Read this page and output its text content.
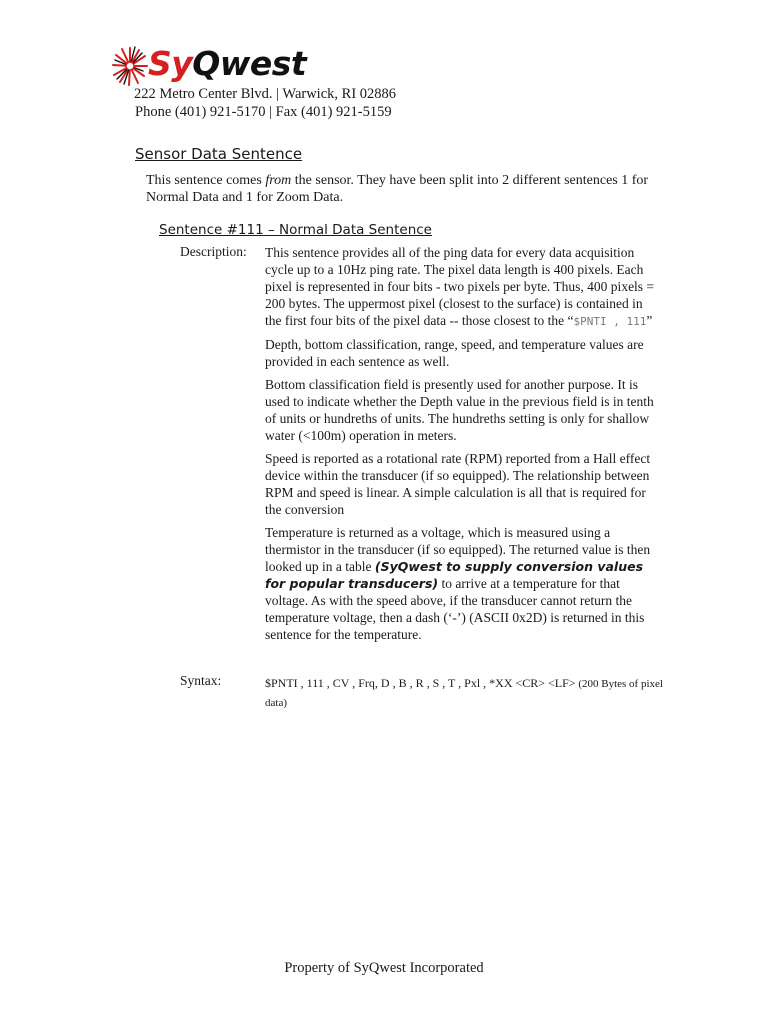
SyQwest
222 Metro Center Blvd. | Warwick, RI 02886
Phone (401) 921-5170 | Fax (401) 921-5159
Sensor Data Sentence
This sentence comes from the sensor. They have been split into 2 different sentences 1 for Normal Data and 1 for Zoom Data.
Sentence #111 – Normal Data Sentence
Description: This sentence provides all of the ping data for every data acquisition cycle up to a 10Hz ping rate. The pixel data length is 400 pixels. Each pixel is represented in four bits - two pixels per byte. Thus, 400 pixels = 200 bytes. The uppermost pixel (closest to the surface) is contained in the first four bits of the pixel data -- those closest to the “$PNTI , 111”

Depth, bottom classification, range, speed, and temperature values are provided in each sentence as well.

Bottom classification field is presently used for another purpose. It is used to indicate whether the Depth value in the previous field is in tenth of units or hundreths of units. The hundreths setting is only for shallow water (<100m) operation in meters.

Speed is reported as a rotational rate (RPM) reported from a Hall effect device within the transducer (if so equipped). The relationship between RPM and speed is linear. A simple calculation is all that is required for the conversion

Temperature is returned as a voltage, which is measured using a thermistor in the transducer (if so equipped). The returned value is then looked up in a table (SyQwest to supply conversion values for popular transducers) to arrive at a temperature for that voltage. As with the speed above, if the transducer cannot return the temperature voltage, then a dash (‘-’) (ASCII 0x2D) is returned in this sentence for the temperature.

Syntax:	$PNTI , 111 , CV , Frq, D , B , R , S , T , Pxl , *XX <CR> <LF> (200 Bytes of pixel data)
Property of SyQwest Incorporated
